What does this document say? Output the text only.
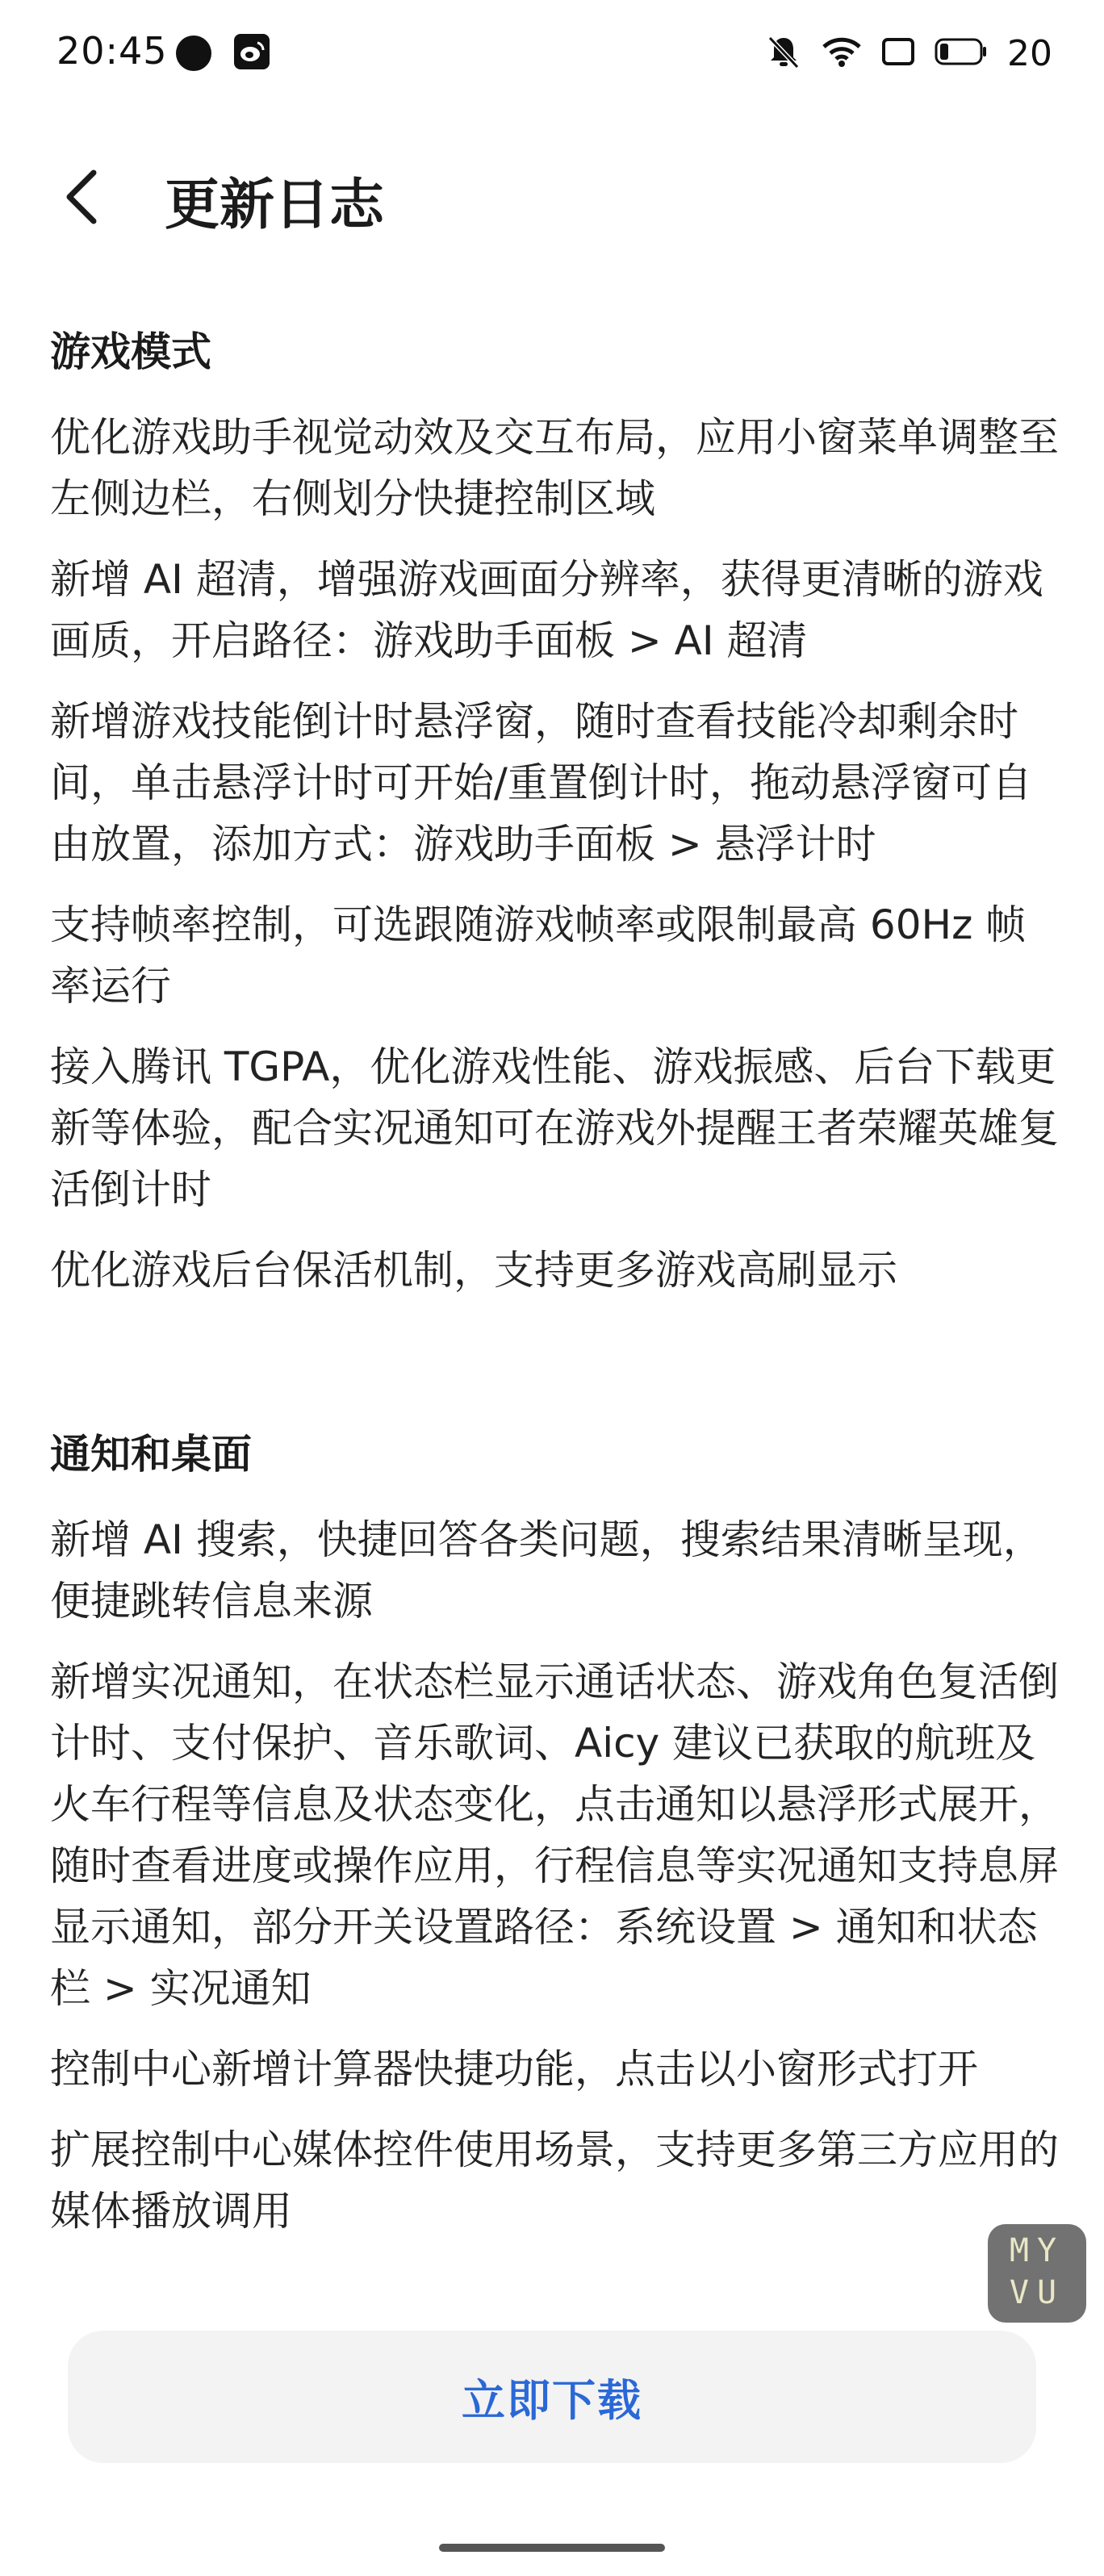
20:45	20
更新日志
游戏模式

优化游戏助手视觉动效及交互布局，应用小窗菜单调整至左侧边栏，右侧划分快捷控制区域

新增 AI 超清，增强游戏画面分辨率，获得更清晰的游戏画质，开启路径：游戏助手面板 > AI 超清

新增游戏技能倒计时悬浮窗，随时查看技能冷却剩余时间，单击悬浮计时可开始/重置倒计时，拖动悬浮窗可自由放置，添加方式：游戏助手面板 > 悬浮计时

支持帧率控制，可选跟随游戏帧率或限制最高 60Hz 帧率运行

接入腾讯 TGPA，优化游戏性能、游戏振感、后台下载更新等体验，配合实况通知可在游戏外提醒王者荣耀英雄复活倒计时

优化游戏后台保活机制，支持更多游戏高刷显示

通知和桌面

新增 AI 搜索，快捷回答各类问题，搜索结果清晰呈现，便捷跳转信息来源

新增实况通知，在状态栏显示通话状态、游戏角色复活倒计时、支付保护、音乐歌词、Aicy 建议已获取的航班及火车行程等信息及状态变化，点击通知以悬浮形式展开，随时查看进度或操作应用，行程信息等实况通知支持息屏显示通知，部分开关设置路径：系统设置 > 通知和状态栏 > 实况通知

控制中心新增计算器快捷功能，点击以小窗形式打开

扩展控制中心媒体控件使用场景，支持更多第三方应用的媒体播放调用

MY
VU
立即下载
